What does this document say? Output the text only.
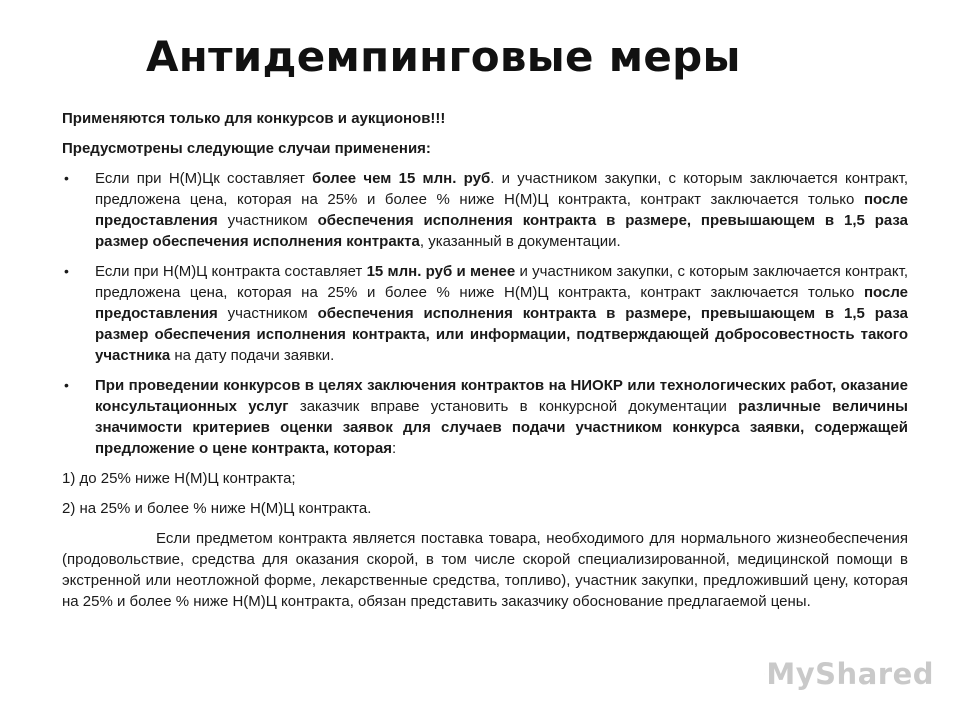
Антидемпинговые меры

Применяются только для конкурсов и аукционов!!!

Предусмотрены следующие случаи применения:

• Если при Н(М)Цк составляет более чем 15 млн. руб. и участником закупки, с которым заключается контракт, предложена цена, которая на 25% и более % ниже Н(М)Ц контракта, контракт заключается только после предоставления участником обеспечения исполнения контракта в размере, превышающем в 1,5 раза размер обеспечения исполнения контракта, указанный в документации.
• Если при Н(М)Ц контракта составляет 15 млн. руб и менее и участником закупки, с которым заключается контракт, предложена цена, которая на 25% и более % ниже Н(М)Ц контракта, контракт заключается только после предоставления участником обеспечения исполнения контракта в размере, превышающем в 1,5 раза размер обеспечения исполнения контракта, или информации, подтверждающей добросовестность такого участника на дату подачи заявки.
• При проведении конкурсов в целях заключения контрактов на НИОКР или технологических работ, оказание консультационных услуг заказчик вправе установить в конкурсной документации различные величины значимости критериев оценки заявок для случаев подачи участником конкурса заявки, содержащей предложение о цене контракта, которая:

1) до 25% ниже Н(М)Ц контракта;

2) на 25% и более % ниже Н(М)Ц контракта.

Если предметом контракта является поставка товара, необходимого для нормального жизнеобеспечения (продовольствие, средства для оказания скорой, в том числе скорой специализированной, медицинской помощи в экстренной или неотложной форме, лекарственные средства, топливо), участник закупки, предложивший цену, которая на 25% и более % ниже Н(М)Ц контракта, обязан представить заказчику обоснование предлагаемой цены.

MyShared
